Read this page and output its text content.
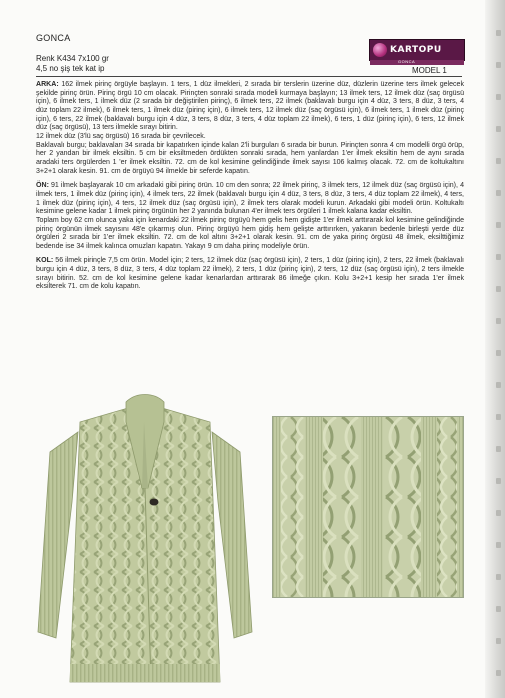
GONCA
Renk K434 7x100 gr
4,5 no şiş tek kat ip
KARTOPU
GONCA
MODEL 1

ARKA: 162 ilmek pirinç örgüyle başlayın. 1 ters, 1 düz ilmekleri, 2 sırada bir terslerin üzerine düz, düzlerin üzerine ters ilmek gelecek şekilde pirinç örün. Pirinç örgü 10 cm olacak. Pirinçten sonraki sırada modeli kurmaya başlayın; 13 ilmek ters, 12 ilmek düz (saç örgüsü için), 6 ilmek ters, 1 ilmek düz (2 sırada bir değiştirilen pirinç), 6 ilmek ters, 22 ilmek (baklavalı burgu için 4 düz, 3 ters, 8 düz, 3 ters, 4 düz toplam 22 ilmek), 6 ilmek ters, 1 ilmek düz (pirinç için), 6 ilmek ters, 12 ilmek düz (saç örgüsü için), 6 ilmek ters, 1 ilmek düz (pirinç için), 6 ters, 22 ilmek (baklavalı burgu için 4 düz, 3 ters, 8 düz, 3 ters, 4 düz toplam 22 ilmek), 6 ters, 1 düz (pirinç için), 6 ters, 12 ilmek düz (saç örgüsü), 13 ters ilmekle sırayı bitirin.
12 ilmek düz (3'lü saç örgüsü) 16 sırada bir çevrilecek.
Baklavalı burgu; baklavaları 34 sırada bir kapatırken içinde kalan 2'li burguları 6 sırada bir burun. Pirinçten sonra 4 cm modelli örgü örüp, her 2 yandan bir ilmek eksiltin. 5 cm bir eksiltmeden ördükten sonraki sırada, hem yanlardan 1'er ilmek eksiltin hem de aynı sırada aradaki ters örgülerden 1 'er ilmek eksiltin. 72. cm de kol kesimine gelindiğinde ilmek sayısı 106 kalmış olacak. 72. cm de koltukaltını 3+2+1 olarak kesin. 91. cm de örgüyü 94 ilmekle bir seferde kapatın.

ÖN: 91 ilmek başlayarak 10 cm arkadaki gibi pirinç örün. 10 cm den sonra; 22 ilmek pirinç, 3 ilmek ters, 12 ilmek düz (saç örgüsü için), 4 ilmek ters, 1 ilmek düz (pirinç için), 4 ilmek ters, 22 ilmek (baklavalı burgu için 4 düz, 3 ters, 8 düz, 3 ters, 4 düz toplam 22 ilmek), 4 ters, 1 ilmek düz (pirinç için), 4 ters, 12 ilmek düz (saç örgüsü için), 2 ilmek ters olarak modeli kurun. Arkadaki gibi modeli örün. Koltukaltı kesimine gelene kadar 1 ilmek pirinç örgünün her 2 yanında bulunan 4'er ilmek ters örgüleri 1 ilmek kalana kadar eksiltin.
Toplam boy 62 cm olunca yaka için kenardaki 22 ilmek pirinç örgüyü hem gelis hem gidişte 1'er ilmek arttırarak kol kesimine gelindiğinde pirinç örgünün ilmek sayısını 48'e çıkarmış olun. Pirinç örgüyü hem gidiş hem gelişte arttırırken, yakanın bedenle birleşti yerde düz örgüleri 2 sırada bir 1'er ilmek eksiltin. 72. cm de kol altını 3+2+1 olarak kesin. 91. cm de yaka pirinç örgüsü 48 ilmek, eksilttiğimiz bedende ise 34 ilmek kalınca omuzları kapatın. Yakayı 9 cm daha pirinç modeliyle örün.

KOL: 56 ilmek pirinçle 7,5 cm örün. Model için; 2 ters, 12 ilmek düz (saç örgüsü için), 2 ters, 1 düz (pirinç için), 2 ters, 22 ilmek (baklavalı burgu için 4 düz, 3 ters, 8 düz, 3 ters, 4 düz toplam 22 ilmek), 2 ters, 1 düz (pirinç için), 2 ters, 12 düz (saç örgüsü için), 2 ters ilmekle sırayı bitirin. 52. cm de kol kesimine gelene kadar kenarlardan arttırarak 86 ilmeğe çıkın. Kolu 3+2+1 kesip her sırada 1'er ilmek eksilterek 71. cm de kolu kapatın.
